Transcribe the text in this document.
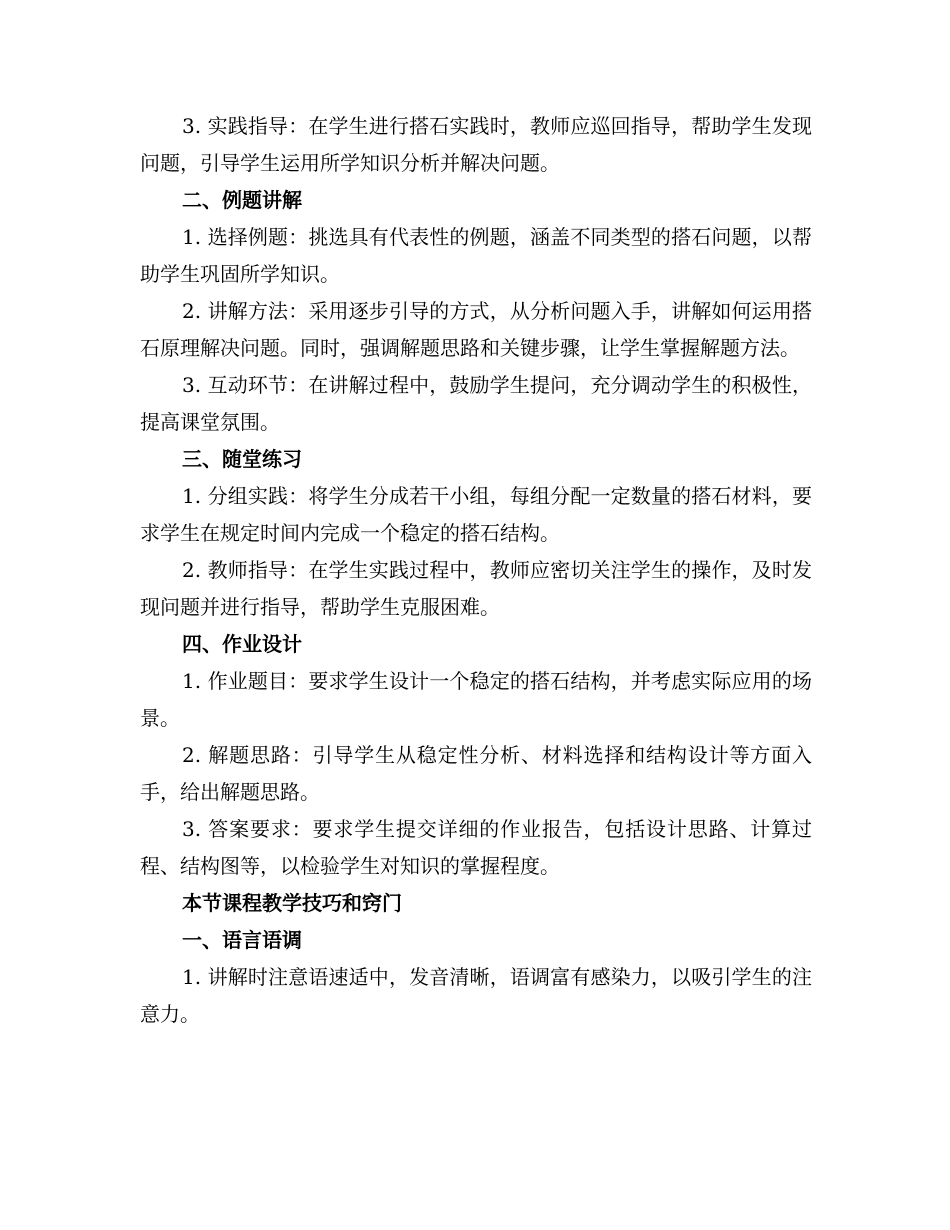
3. 实践指导：在学生进行搭石实践时，教师应巡回指导，帮助学生发现问题，引导学生运用所学知识分析并解决问题。

二、例题讲解

1. 选择例题：挑选具有代表性的例题，涵盖不同类型的搭石问题，以帮助学生巩固所学知识。

2. 讲解方法：采用逐步引导的方式，从分析问题入手，讲解如何运用搭石原理解决问题。同时，强调解题思路和关键步骤，让学生掌握解题方法。

3. 互动环节：在讲解过程中，鼓励学生提问，充分调动学生的积极性，提高课堂氛围。

三、随堂练习

1. 分组实践：将学生分成若干小组，每组分配一定数量的搭石材料，要求学生在规定时间内完成一个稳定的搭石结构。

2. 教师指导：在学生实践过程中，教师应密切关注学生的操作，及时发现问题并进行指导，帮助学生克服困难。

四、作业设计

1. 作业题目：要求学生设计一个稳定的搭石结构，并考虑实际应用的场景。

2. 解题思路：引导学生从稳定性分析、材料选择和结构设计等方面入手，给出解题思路。

3. 答案要求：要求学生提交详细的作业报告，包括设计思路、计算过程、结构图等，以检验学生对知识的掌握程度。

本节课程教学技巧和窍门

一、语言语调

1. 讲解时注意语速适中，发音清晰，语调富有感染力，以吸引学生的注意力。
